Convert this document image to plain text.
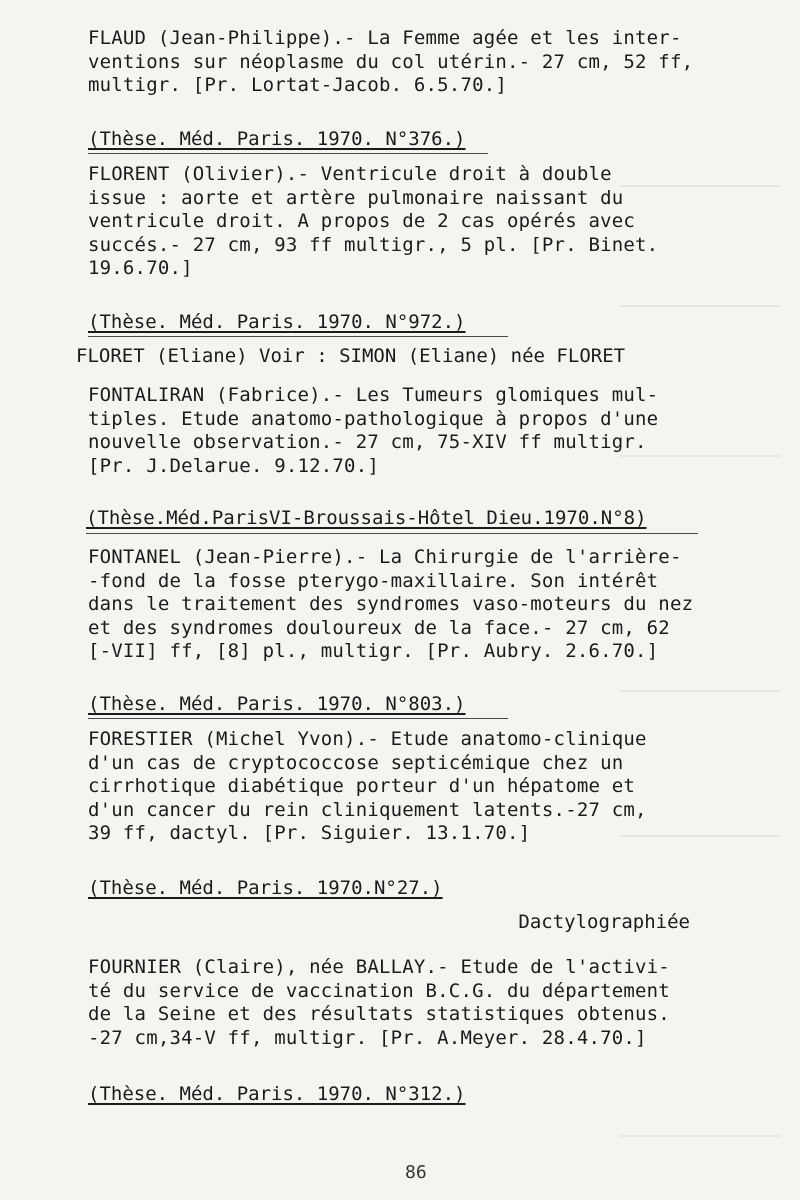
FLAUD (Jean-Philippe).- La Femme agée et les inter-
ventions sur néoplasme du col utérin.- 27 cm, 52 ff,
multigr. [Pr. Lortat-Jacob. 6.5.70.]
(Thèse. Méd. Paris. 1970. N°376.)
FLORENT (Olivier).- Ventricule droit à double
issue : aorte et artère pulmonaire naissant du
ventricule droit. A propos de 2 cas opérés avec
succés.- 27 cm, 93 ff multigr., 5 pl. [Pr. Binet.
19.6.70.]
(Thèse. Méd. Paris. 1970. N°972.)
FLORET (Eliane) Voir : SIMON (Eliane) née FLORET
FONTALIRAN (Fabrice).- Les Tumeurs glomiques mul-
tiples. Etude anatomo-pathologique à propos d'une
nouvelle observation.- 27 cm, 75-XIV ff multigr.
[Pr. J.Delarue. 9.12.70.]
(Thèse.Méd.ParisVI-Broussais-Hôtel Dieu.1970.N°8)
FONTANEL (Jean-Pierre).- La Chirurgie de l'arrière-
-fond de la fosse pterygo-maxillaire. Son intérêt
dans le traitement des syndromes vaso-moteurs du nez
et des syndromes douloureux de la face.- 27 cm, 62
[-VII] ff, [8] pl., multigr. [Pr. Aubry. 2.6.70.]
(Thèse. Méd. Paris. 1970. N°803.)
FORESTIER (Michel Yvon).- Etude anatomo-clinique
d'un cas de cryptococcose septicémique chez un
cirrhotique diabétique porteur d'un hépatome et
d'un cancer du rein cliniquement latents.-27 cm,
39 ff, dactyl. [Pr. Siguier. 13.1.70.]
(Thèse. Méd. Paris. 1970.N°27.)
Dactylographiée
FOURNIER (Claire), née BALLAY.- Etude de l'activi-
té du service de vaccination B.C.G. du département
de la Seine et des résultats statistiques obtenus.
-27 cm,34-V ff, multigr. [Pr. A.Meyer. 28.4.70.]
(Thèse. Méd. Paris. 1970. N°312.)
86
